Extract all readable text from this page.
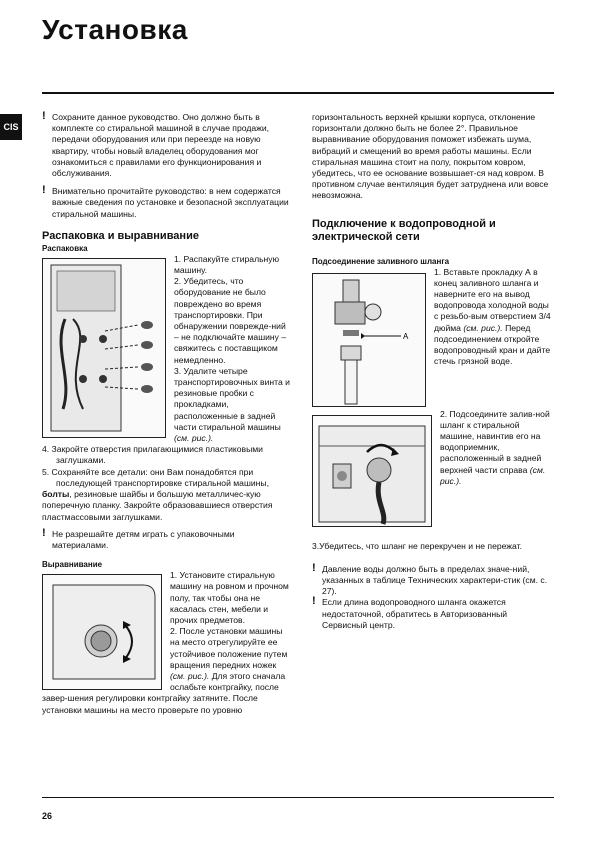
Установка
CIS

! Сохраните данное руководство. Оно должно быть в комплекте со стиральной машиной в случае продажи, передачи оборудования или при переезде на новую квартиру, чтобы новый владелец оборудования мог ознакомиться с правилами его функционирования и обслуживания.

! Внимательно прочитайте руководство: в нем содержатся важные сведения по установке и безопасной эксплуатации стиральной машины.

Распаковка и выравнивание
Распаковка

1. Распакуйте стиральную машину.

2. Убедитесь, что оборудование не было повреждено во время транспортировки. При обнаружении поврежде-ний – не подключайте машину – свяжитесь с поставщиком немедленно.

3. Удалите четыре транспортировочных винта и резиновые пробки с прокладками, расположенные в задней части стиральной машины (см. рис.).

4. Закройте отверстия прилагающимися пластиковыми заглушками.

5. Сохраняйте все детали: они Вам понадобятся при последующей транспортировке стиральной машины,

болты, резиновые шайбы и большую металличес-кую поперечную планку. Закройте образовавшиеся отверстия пластмассовыми заглушками.

! Не разрешайте детям играть с упаковочными материалами.

Выравнивание

1. Установите стиральную машину на ровном и прочном полу, так чтобы она не касалась стен, мебели и прочих предметов.

2. После установки машины на место отрегулируйте ее устойчивое положение путем вращения передних ножек (см. рис.). Для этого сначала ослабьте контргайку, после завер-шения регулировки контргайку затяните. После установки машины на место проверьте по уровню

горизонтальность верхней крышки корпуса, отклонение горизонтали должно быть не более 2°. Правильное выравнивание оборудования поможет избежать шума, вибраций и смещений во время работы машины. Если стиральная машина стоит на полу, покрытом ковром, убедитесь, что ее основание возвышает-ся над ковром. В противном случае вентиляция будет затруднена или вовсе невозможна.

Подключение к водопроводной и электрической сети
Подсоединение заливного шланга
A

1. Вставьте прокладку А в конец заливного шланга и наверните его на вывод водопровода холодной воды с резьбо-вым отверстием 3/4 дюйма (см. рис.). Перед подсоединением откройте водопроводный кран и дайте стечь грязной воде.

2. Подсоедините залив-ной шланг к стиральной машине, навинтив его на водоприемник, расположенный в задней верхней части справа (см. рис.).

3.Убедитесь, что шланг не перекручен и не пережат.

! Давление воды должно быть в пределах значе-ний, указанных в таблице Технических характери-стик (см. с. 27).

! Если длина водопроводного шланга окажется недостаточной, обратитесь в Авторизованный Сервисный центр.

26
